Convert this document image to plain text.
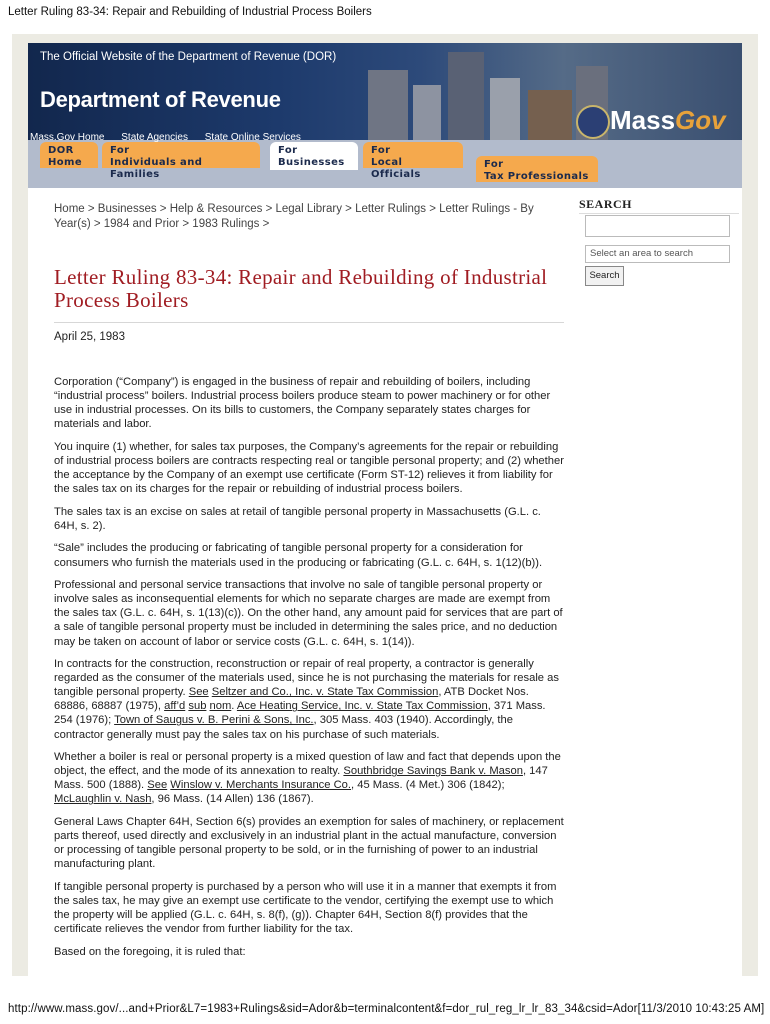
Letter Ruling 83-34: Repair and Rebuilding of Industrial Process Boilers
MassGov
The Official Website of the Department of Revenue (DOR)
Department of Revenue
Mass.Gov Home State Agencies State Online Services
DOR
Home
For
Individuals and Families
For
Businesses
For
Local Officials
For
Tax Professionals
Home > Businesses > Help & Resources > Legal Library > Letter Rulings > Letter Rulings - By
Year(s) > 1984 and Prior > 1983 Rulings >
Letter Ruling 83-34: Repair and Rebuilding of Industrial Process Boilers
April 25, 1983

Corporation (“Company”) is engaged in the business of repair and rebuilding of boilers, including “industrial process” boilers. Industrial process boilers produce steam to power machinery or for other use in industrial processes. On its bills to customers, the Company separately states charges for materials and labor.

You inquire (1) whether, for sales tax purposes, the Company’s agreements for the repair or rebuilding of industrial process boilers are contracts respecting real or tangible personal property; and (2) whether the acceptance by the Company of an exempt use certificate (Form ST-12) relieves it from liability for the sales tax on its charges for the repair or rebuilding of industrial process boilers.

The sales tax is an excise on sales at retail of tangible personal property in Massachusetts (G.L. c. 64H, s. 2).

“Sale” includes the producing or fabricating of tangible personal property for a consideration for consumers who furnish the materials used in the producing or fabricating (G.L. c. 64H, s. 1(12)(b)).

Professional and personal service transactions that involve no sale of tangible personal property or involve sales as inconsequential elements for which no separate charges are made are exempt from the sales tax (G.L. c. 64H, s. 1(13)(c)). On the other hand, any amount paid for services that are part of a sale of tangible personal property must be included in determining the sales price, and no deduction may be taken on account of labor or service costs (G.L. c. 64H, s. 1(14)).

In contracts for the construction, reconstruction or repair of real property, a contractor is generally regarded as the consumer of the materials used, since he is not purchasing the materials for resale as tangible personal property. See Seltzer and Co., Inc. v. State Tax Commission, ATB Docket Nos. 68886, 68887 (1975), aff’d sub nom. Ace Heating Service, Inc. v. State Tax Commission, 371 Mass. 254 (1976); Town of Saugus v. B. Perini & Sons, Inc., 305 Mass. 403 (1940). Accordingly, the contractor generally must pay the sales tax on his purchase of such materials.

Whether a boiler is real or personal property is a mixed question of law and fact that depends upon the object, the effect, and the mode of its annexation to realty. Southbridge Savings Bank v. Mason, 147 Mass. 500 (1888). See Winslow v. Merchants Insurance Co., 45 Mass. (4 Met.) 306 (1842); McLaughlin v. Nash, 96 Mass. (14 Allen) 136 (1867).

General Laws Chapter 64H, Section 6(s) provides an exemption for sales of machinery, or replacement parts thereof, used directly and exclusively in an industrial plant in the actual manufacture, conversion or processing of tangible personal property to be sold, or in the furnishing of power to an industrial manufacturing plant.

If tangible personal property is purchased by a person who will use it in a manner that exempts it from the sales tax, he may give an exempt use certificate to the vendor, certifying the exempt use to which the property will be applied (G.L. c. 64H, s. 8(f), (g)). Chapter 64H, Section 8(f) provides that the certificate relieves the vendor from further liability for the tax.

Based on the foregoing, it is ruled that:

SEARCH
Select an area to search
Search
http://www.mass.gov/...and+Prior&L7=1983+Rulings&sid=Ador&b=terminalcontent&f=dor_rul_reg_lr_lr_83_34&csid=Ador[11/3/2010 10:43:25 AM]
